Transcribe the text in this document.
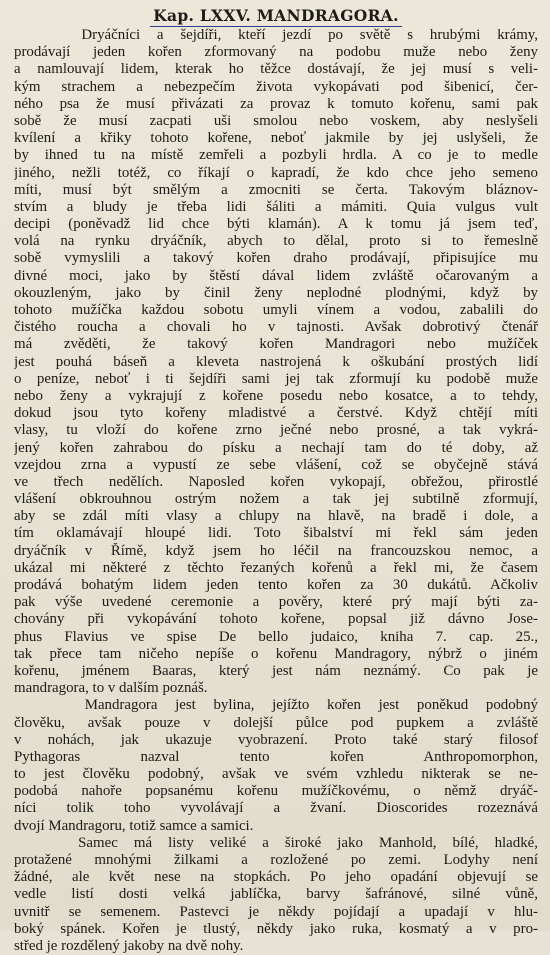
Kap. LXXV. MANDRAGORA.
Dryáčníci a šejdíři, kteří jezdí po světě s hrubými krámy,
prodávají jeden kořen zformovaný na podobu muže nebo ženy
a namlouvají lidem, kterak ho těžce dostávají, že jej musí s veli-
kým strachem a nebezpečím života vykopávati pod šibenicí, čer-
ného psa že musí přivázati za provaz k tomuto kořenu, sami pak
sobě že musí zacpati uši smolou nebo voskem, aby neslyšeli
kvílení a křiky tohoto kořene, neboť jakmile by jej uslyšeli, že
by ihned tu na místě zemřeli a pozbyli hrdla. A co je to medle
jiného, nežli totéž, co říkají o kapradí, že kdo chce jeho semeno
míti, musí být smělým a zmocniti se čerta. Takovým bláznov-
stvím a bludy je třeba lidi šáliti a mámiti. Quia vulgus vult
decipi (poněvadž lid chce býti klamán). A k tomu já jsem teď,
volá na rynku dryáčník, abych to dělal, proto si to řemeslně
sobě vymyslili a takový kořen draho prodávají, připisujíce mu
divné moci, jako by štěstí dával lidem zvláště očarovaným a
okouzleným, jako by činil ženy neplodné plodnými, když by
tohoto mužíčka každou sobotu umyli vínem a vodou, zabalili do
čistého roucha a chovali ho v tajnosti. Avšak dobrotivý čtenář
má zvěděti, že takový kořen Mandragori nebo mužíček
jest pouhá báseň a kleveta nastrojená k oškubání prostých lidí
o peníze, neboť i ti šejdíři sami jej tak zformují ku podobě muže
nebo ženy a vykrajují z kořene posedu nebo kosatce, a to tehdy,
dokud jsou tyto kořeny mladistvé a čerstvé. Když chtějí míti
vlasy, tu vloží do kořene zrno ječné nebo prosné, a tak vykrá-
jený kořen zahrabou do písku a nechají tam do té doby, až
vzejdou zrna a vypustí ze sebe vlášení, což se obyčejně stává
ve třech nedělích. Naposled kořen vykopají, obřežou, přirostlé
vlášení obkrouhnou ostrým nožem a tak jej subtilně zformují,
aby se zdál míti vlasy a chlupy na hlavě, na bradě i dole, a
tím oklamávají hloupé lidi. Toto šibalství mi řekl sám jeden
dryáčník v Římě, když jsem ho léčil na francouzskou nemoc, a
ukázal mi některé z těchto řezaných kořenů a řekl mi, že časem
prodává bohatým lidem jeden tento kořen za 30 dukátů. Ačkoliv
pak výše uvedené ceremonie a pověry, které prý mají býti za-
chovány při vykopávání tohoto kořene, popsal již dávno Jose-
phus Flavius ve spise De bello judaico, kniha 7. cap. 25.,
tak přece tam ničeho nepíše o kořenu Mandragory, nýbrž o jiném
kořenu, jménem Baaras, který jest nám neznámý. Co pak je
mandragora, to v dalším poznáš.
Mandragora jest bylina, jejížto kořen jest poněkud podobný
člověku, avšak pouze v dolejší půlce pod pupkem a zvláště
v nohách, jak ukazuje vyobrazení. Proto také starý filosof
Pythagoras nazval tento kořen Anthropomorphon,
to jest člověku podobný, avšak ve svém vzhledu nikterak se ne-
podobá nahoře popsanému kořenu mužíčkovému, o němž dryáč-
níci tolik toho vyvolávají a žvaní. Dioscorides rozeznává
dvojí Mandragoru, totiž samce a samici.
Samec má listy veliké a široké jako Manhold, bílé, hladké,
protažené mnohými žilkami a rozložené po zemi. Lodyhy není
žádné, ale květ nese na stopkách. Po jeho opadání objevují se
vedle listí dosti velká jablíčka, barvy šafránové, silné vůně,
uvnitř se semenem. Pastevci je někdy pojídají a upadají v hlu-
boký spánek. Kořen je tlustý, někdy jako ruka, kosmatý a v pro-
střed je rozdělený jakoby na dvě nohy.
